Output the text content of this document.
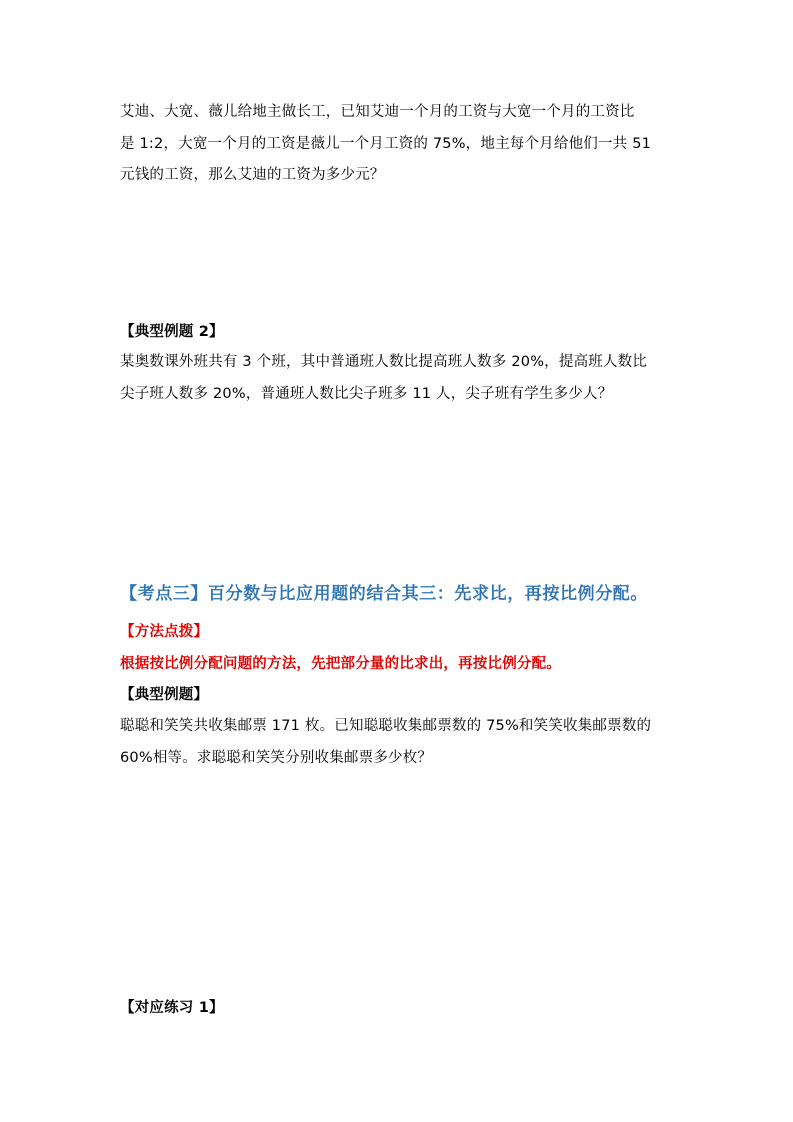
艾迪、大宽、薇儿给地主做长工，已知艾迪一个月的工资与大宽一个月的工资比
是 1:2，大宽一个月的工资是薇儿一个月工资的 75%，地主每个月给他们一共 51
元钱的工资，那么艾迪的工资为多少元？
【典型例题 2】
某奥数课外班共有 3 个班，其中普通班人数比提高班人数多 20%，提高班人数比
尖子班人数多 20%，普通班人数比尖子班多 11 人，尖子班有学生多少人？
【考点三】百分数与比应用题的结合其三：先求比，再按比例分配。
【方法点拨】
根据按比例分配问题的方法，先把部分量的比求出，再按比例分配。
【典型例题】
聪聪和笑笑共收集邮票 171 枚。已知聪聪收集邮票数的 75%和笑笑收集邮票数的
60%相等。求聪聪和笑笑分别收集邮票多少枚？
【对应练习 1】
